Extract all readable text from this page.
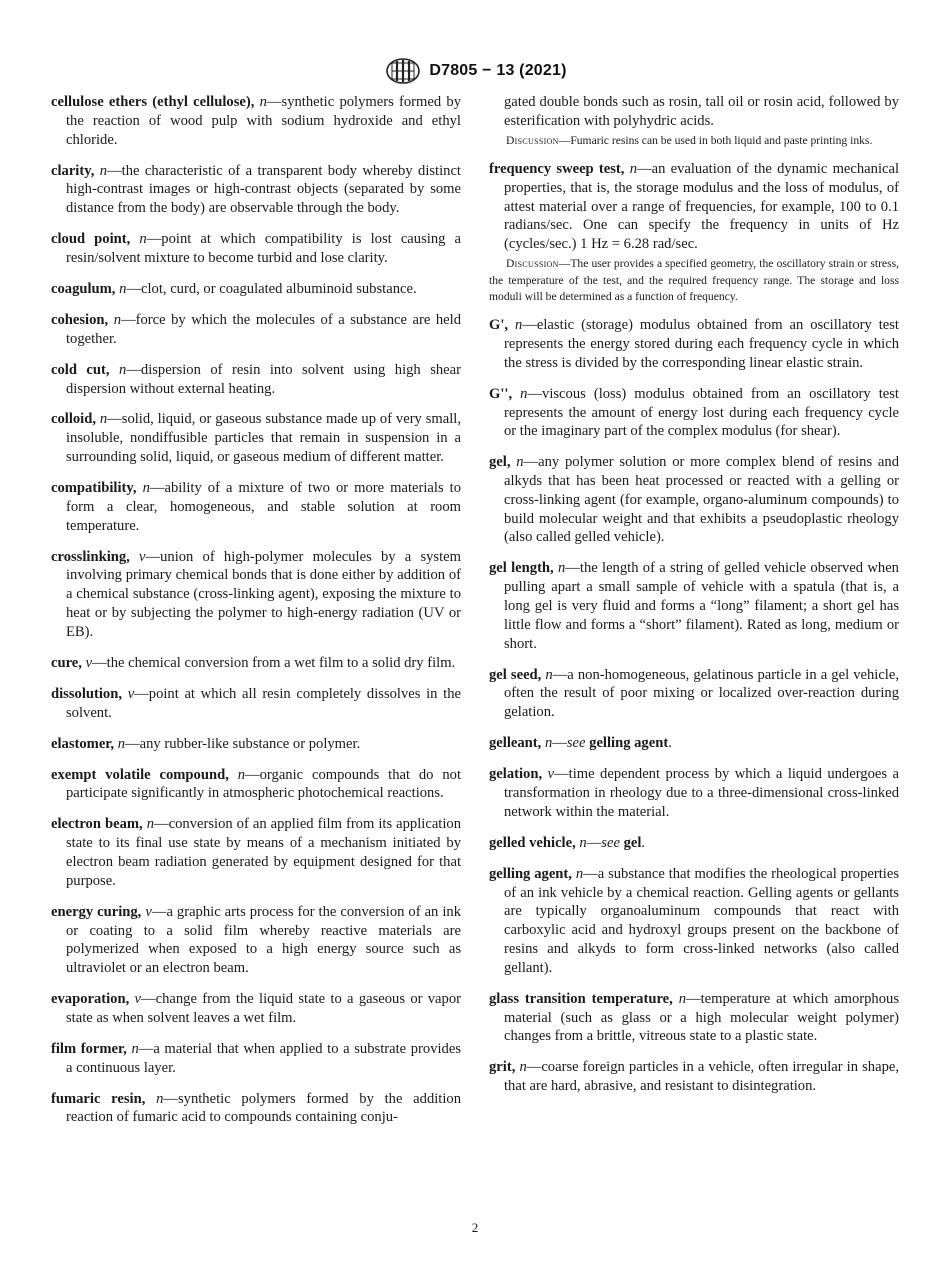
D7805 − 13 (2021)

cellulose ethers (ethyl cellulose), n—synthetic polymers formed by the reaction of wood pulp with sodium hydroxide and ethyl chloride.

clarity, n—the characteristic of a transparent body whereby distinct high-contrast images or high-contrast objects (separated by some distance from the body) are observable through the body.

cloud point, n—point at which compatibility is lost causing a resin/solvent mixture to become turbid and lose clarity.

coagulum, n—clot, curd, or coagulated albuminoid substance.

cohesion, n—force by which the molecules of a substance are held together.

cold cut, n—dispersion of resin into solvent using high shear dispersion without external heating.

colloid, n—solid, liquid, or gaseous substance made up of very small, insoluble, nondiffusible particles that remain in suspension in a surrounding solid, liquid, or gaseous medium of different matter.

compatibility, n—ability of a mixture of two or more materials to form a clear, homogeneous, and stable solution at room temperature.

crosslinking, v—union of high-polymer molecules by a system involving primary chemical bonds that is done either by addition of a chemical substance (cross-linking agent), exposing the mixture to heat or by subjecting the polymer to high-energy radiation (UV or EB).

cure, v—the chemical conversion from a wet film to a solid dry film.

dissolution, v—point at which all resin completely dissolves in the solvent.

elastomer, n—any rubber-like substance or polymer.

exempt volatile compound, n—organic compounds that do not participate significantly in atmospheric photochemical reactions.

electron beam, n—conversion of an applied film from its application state to its final use state by means of a mechanism initiated by electron beam radiation generated by equipment designed for that purpose.

energy curing, v—a graphic arts process for the conversion of an ink or coating to a solid film whereby reactive materials are polymerized when exposed to a high energy source such as ultraviolet or an electron beam.

evaporation, v—change from the liquid state to a gaseous or vapor state as when solvent leaves a wet film.

film former, n—a material that when applied to a substrate provides a continuous layer.

fumaric resin, n—synthetic polymers formed by the addition reaction of fumaric acid to compounds containing conju-

gated double bonds such as rosin, tall oil or rosin acid, followed by esterification with polyhydric acids.

Discussion—Fumaric resins can be used in both liquid and paste printing inks.

frequency sweep test, n—an evaluation of the dynamic mechanical properties, that is, the storage modulus and the loss of modulus, of attest material over a range of frequencies, for example, 100 to 0.1 radians/sec. One can specify the frequency in units of Hz (cycles/sec.) 1 Hz = 6.28 rad/sec.

Discussion—The user provides a specified geometry, the oscillatory strain or stress, the temperature of the test, and the required frequency range. The storage and loss moduli will be determined as a function of frequency.

G', n—elastic (storage) modulus obtained from an oscillatory test represents the energy stored during each frequency cycle in which the stress is divided by the corresponding linear elastic strain.

G'', n—viscous (loss) modulus obtained from an oscillatory test represents the amount of energy lost during each frequency cycle or the imaginary part of the complex modulus (for shear).

gel, n—any polymer solution or more complex blend of resins and alkyds that has been heat processed or reacted with a gelling or cross-linking agent (for example, organo-aluminum compounds) to build molecular weight and that exhibits a pseudoplastic rheology (also called gelled vehicle).

gel length, n—the length of a string of gelled vehicle observed when pulling apart a small sample of vehicle with a spatula (that is, a long gel is very fluid and forms a “long” filament; a short gel has little flow and forms a “short” filament). Rated as long, medium or short.

gel seed, n—a non-homogeneous, gelatinous particle in a gel vehicle, often the result of poor mixing or localized over-reaction during gelation.

gelleant, n—see gelling agent.

gelation, v—time dependent process by which a liquid undergoes a transformation in rheology due to a three-dimensional cross-linked network within the material.

gelled vehicle, n—see gel.

gelling agent, n—a substance that modifies the rheological properties of an ink vehicle by a chemical reaction. Gelling agents or gellants are typically organoaluminum compounds that react with carboxylic acid and hydroxyl groups present on the backbone of resins and alkyds to form cross-linked networks (also called gellant).

glass transition temperature, n—temperature at which amorphous material (such as glass or a high molecular weight polymer) changes from a brittle, vitreous state to a plastic state.

grit, n—coarse foreign particles in a vehicle, often irregular in shape, that are hard, abrasive, and resistant to disintegration.

2
